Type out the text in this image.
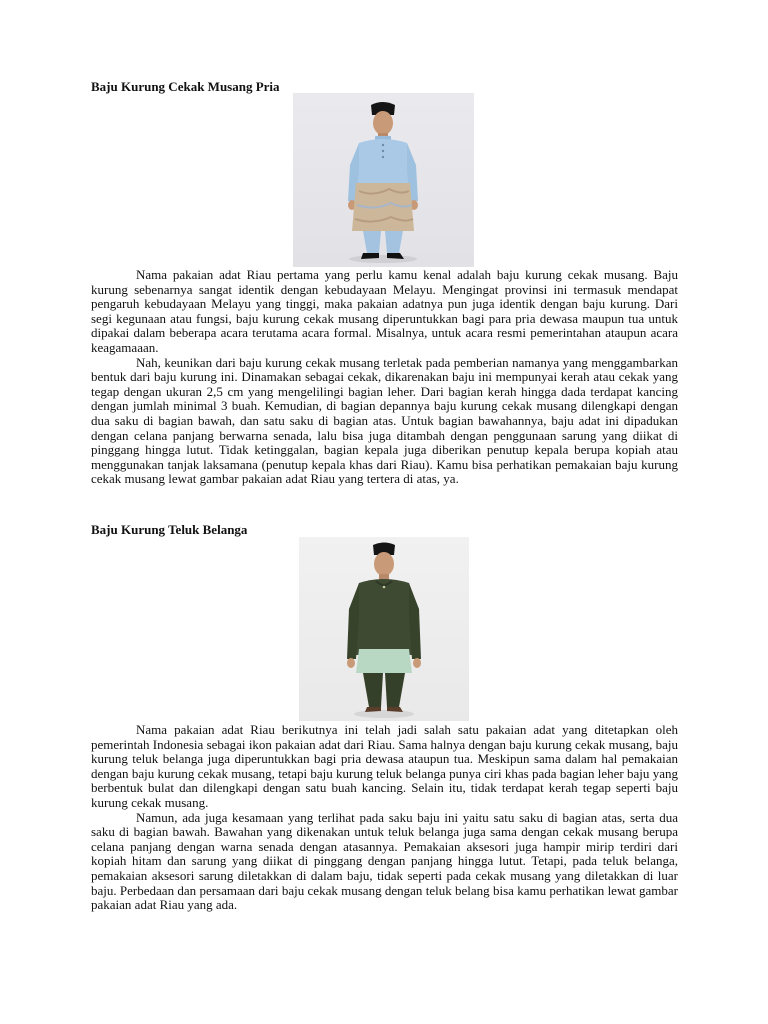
Baju Kurung Cekak Musang Pria

Nama pakaian adat Riau pertama yang perlu kamu kenal adalah baju kurung cekak musang. Baju kurung sebenarnya sangat identik dengan kebudayaan Melayu. Mengingat provinsi ini termasuk mendapat pengaruh kebudayaan Melayu yang tinggi, maka pakaian adatnya pun juga identik dengan baju kurung. Dari segi kegunaan atau fungsi, baju kurung cekak musang diperuntukkan bagi para pria dewasa maupun tua untuk dipakai dalam beberapa acara terutama acara formal. Misalnya, untuk acara resmi pemerintahan ataupun acara keagamaaan.

Nah, keunikan dari baju kurung cekak musang terletak pada pemberian namanya yang menggambarkan bentuk dari baju kurung ini. Dinamakan sebagai cekak, dikarenakan baju ini mempunyai kerah atau cekak yang tegap dengan ukuran 2,5 cm yang mengelilingi bagian leher. Dari bagian kerah hingga dada terdapat kancing dengan jumlah minimal 3 buah. Kemudian, di bagian depannya baju kurung cekak musang dilengkapi dengan dua saku di bagian bawah, dan satu saku di bagian atas. Untuk bagian bawahannya, baju adat ini dipadukan dengan celana panjang berwarna senada, lalu bisa juga ditambah dengan penggunaan sarung yang diikat di pinggang hingga lutut. Tidak ketinggalan, bagian kepala juga diberikan penutup kepala berupa kopiah atau menggunakan tanjak laksamana (penutup kepala khas dari Riau). Kamu bisa perhatikan pemakaian baju kurung cekak musang lewat gambar pakaian adat Riau yang tertera di atas, ya.

Baju Kurung Teluk Belanga

Nama pakaian adat Riau berikutnya ini telah jadi salah satu pakaian adat yang ditetapkan oleh pemerintah Indonesia sebagai ikon pakaian adat dari Riau. Sama halnya dengan baju kurung cekak musang, baju kurung teluk belanga juga diperuntukkan bagi pria dewasa ataupun tua. Meskipun sama dalam hal pemakaian dengan baju kurung cekak musang, tetapi baju kurung teluk belanga punya ciri khas pada bagian leher baju yang berbentuk bulat dan dilengkapi dengan satu buah kancing. Selain itu, tidak terdapat kerah tegap seperti baju kurung cekak musang.

Namun, ada juga kesamaan yang terlihat pada saku baju ini yaitu satu saku di bagian atas, serta dua saku di bagian bawah. Bawahan yang dikenakan untuk teluk belanga juga sama dengan cekak musang berupa celana panjang dengan warna senada dengan atasannya. Pemakaian aksesori juga hampir mirip terdiri dari kopiah hitam dan sarung yang diikat di pinggang dengan panjang hingga lutut. Tetapi, pada teluk belanga, pemakaian aksesori sarung diletakkan di dalam baju, tidak seperti pada cekak musang yang diletakkan di luar baju. Perbedaan dan persamaan dari baju cekak musang dengan teluk belang bisa kamu perhatikan lewat gambar pakaian adat Riau yang ada.
